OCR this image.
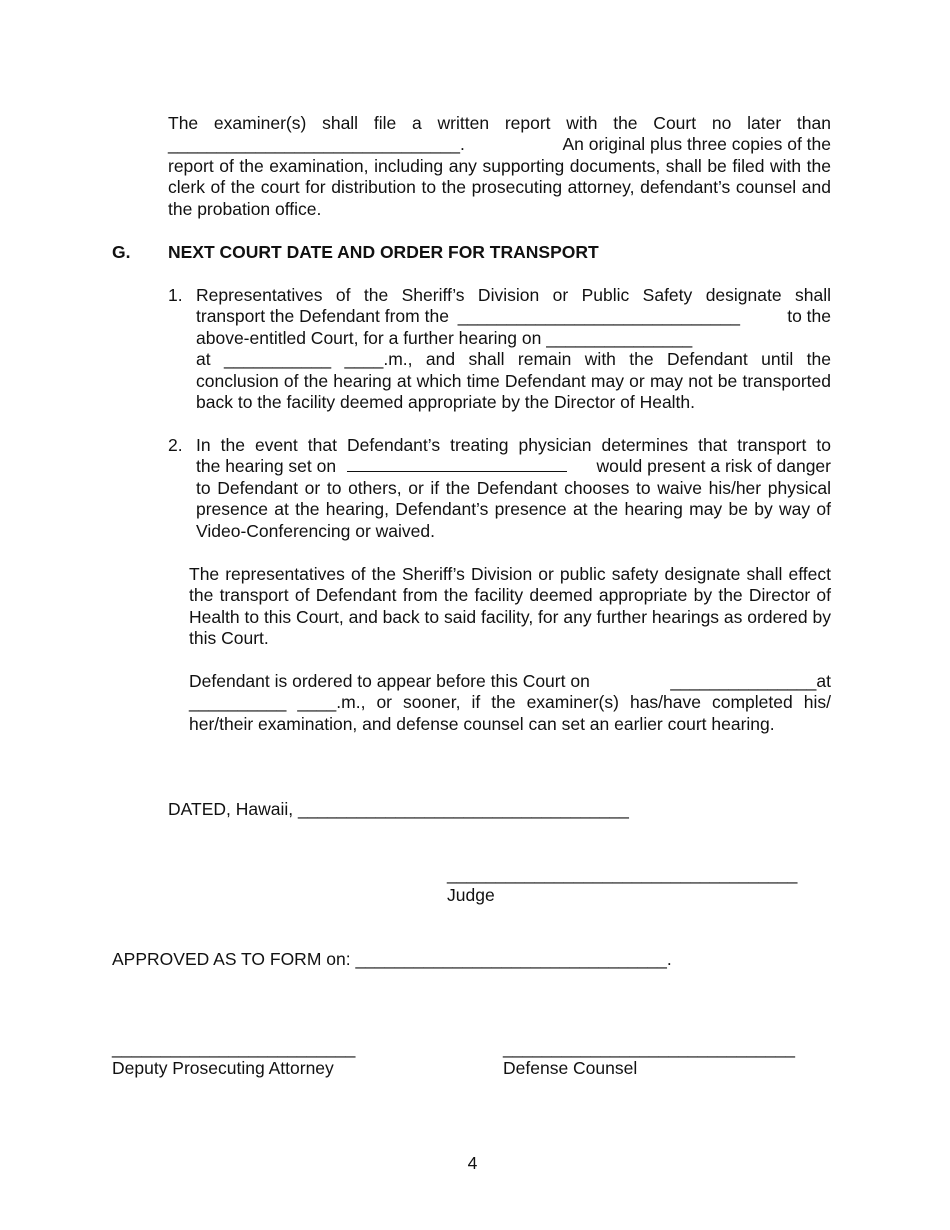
The examiner(s) shall file a written report with the Court no later than
______________________________.	An original plus three copies of the
report of the examination, including any supporting documents, shall be filed with the clerk of the court for distribution to the prosecuting attorney, defendant’s counsel and the probation office.
G. NEXT COURT DATE AND ORDER FOR TRANSPORT
1. Representatives of the Sheriff’s Division or Public Safety designate shall
transport the Defendant from the _____________________________	to the
above-entitled Court, for a further hearing on _______________
at ___________ ____.m., and shall remain with the Defendant until the
conclusion of the hearing at which time Defendant may or may not be transported back to the facility deemed appropriate by the Director of Health.
2. In the event that Defendant’s treating physician determines that transport to
the hearing set on	would present a risk of danger
to Defendant or to others, or if the Defendant chooses to waive his/her physical presence at the hearing, Defendant’s presence at the hearing may be by way of Video-Conferencing or waived.
The representatives of the Sheriff’s Division or public safety designate shall effect the transport of Defendant from the facility deemed appropriate by the Director of Health to this Court, and back to said facility, for any further hearings as ordered by this Court.
Defendant is ordered to appear before this Court on	_______________at
__________ ____.m., or sooner, if the examiner(s) has/have completed his/
her/their examination, and defense counsel can set an earlier court hearing.
DATED, Hawaii, __________________________________
____________________________________
Judge
APPROVED AS TO FORM on: ________________________________.
_________________________
Deputy Prosecuting Attorney
______________________________
Defense Counsel
4
